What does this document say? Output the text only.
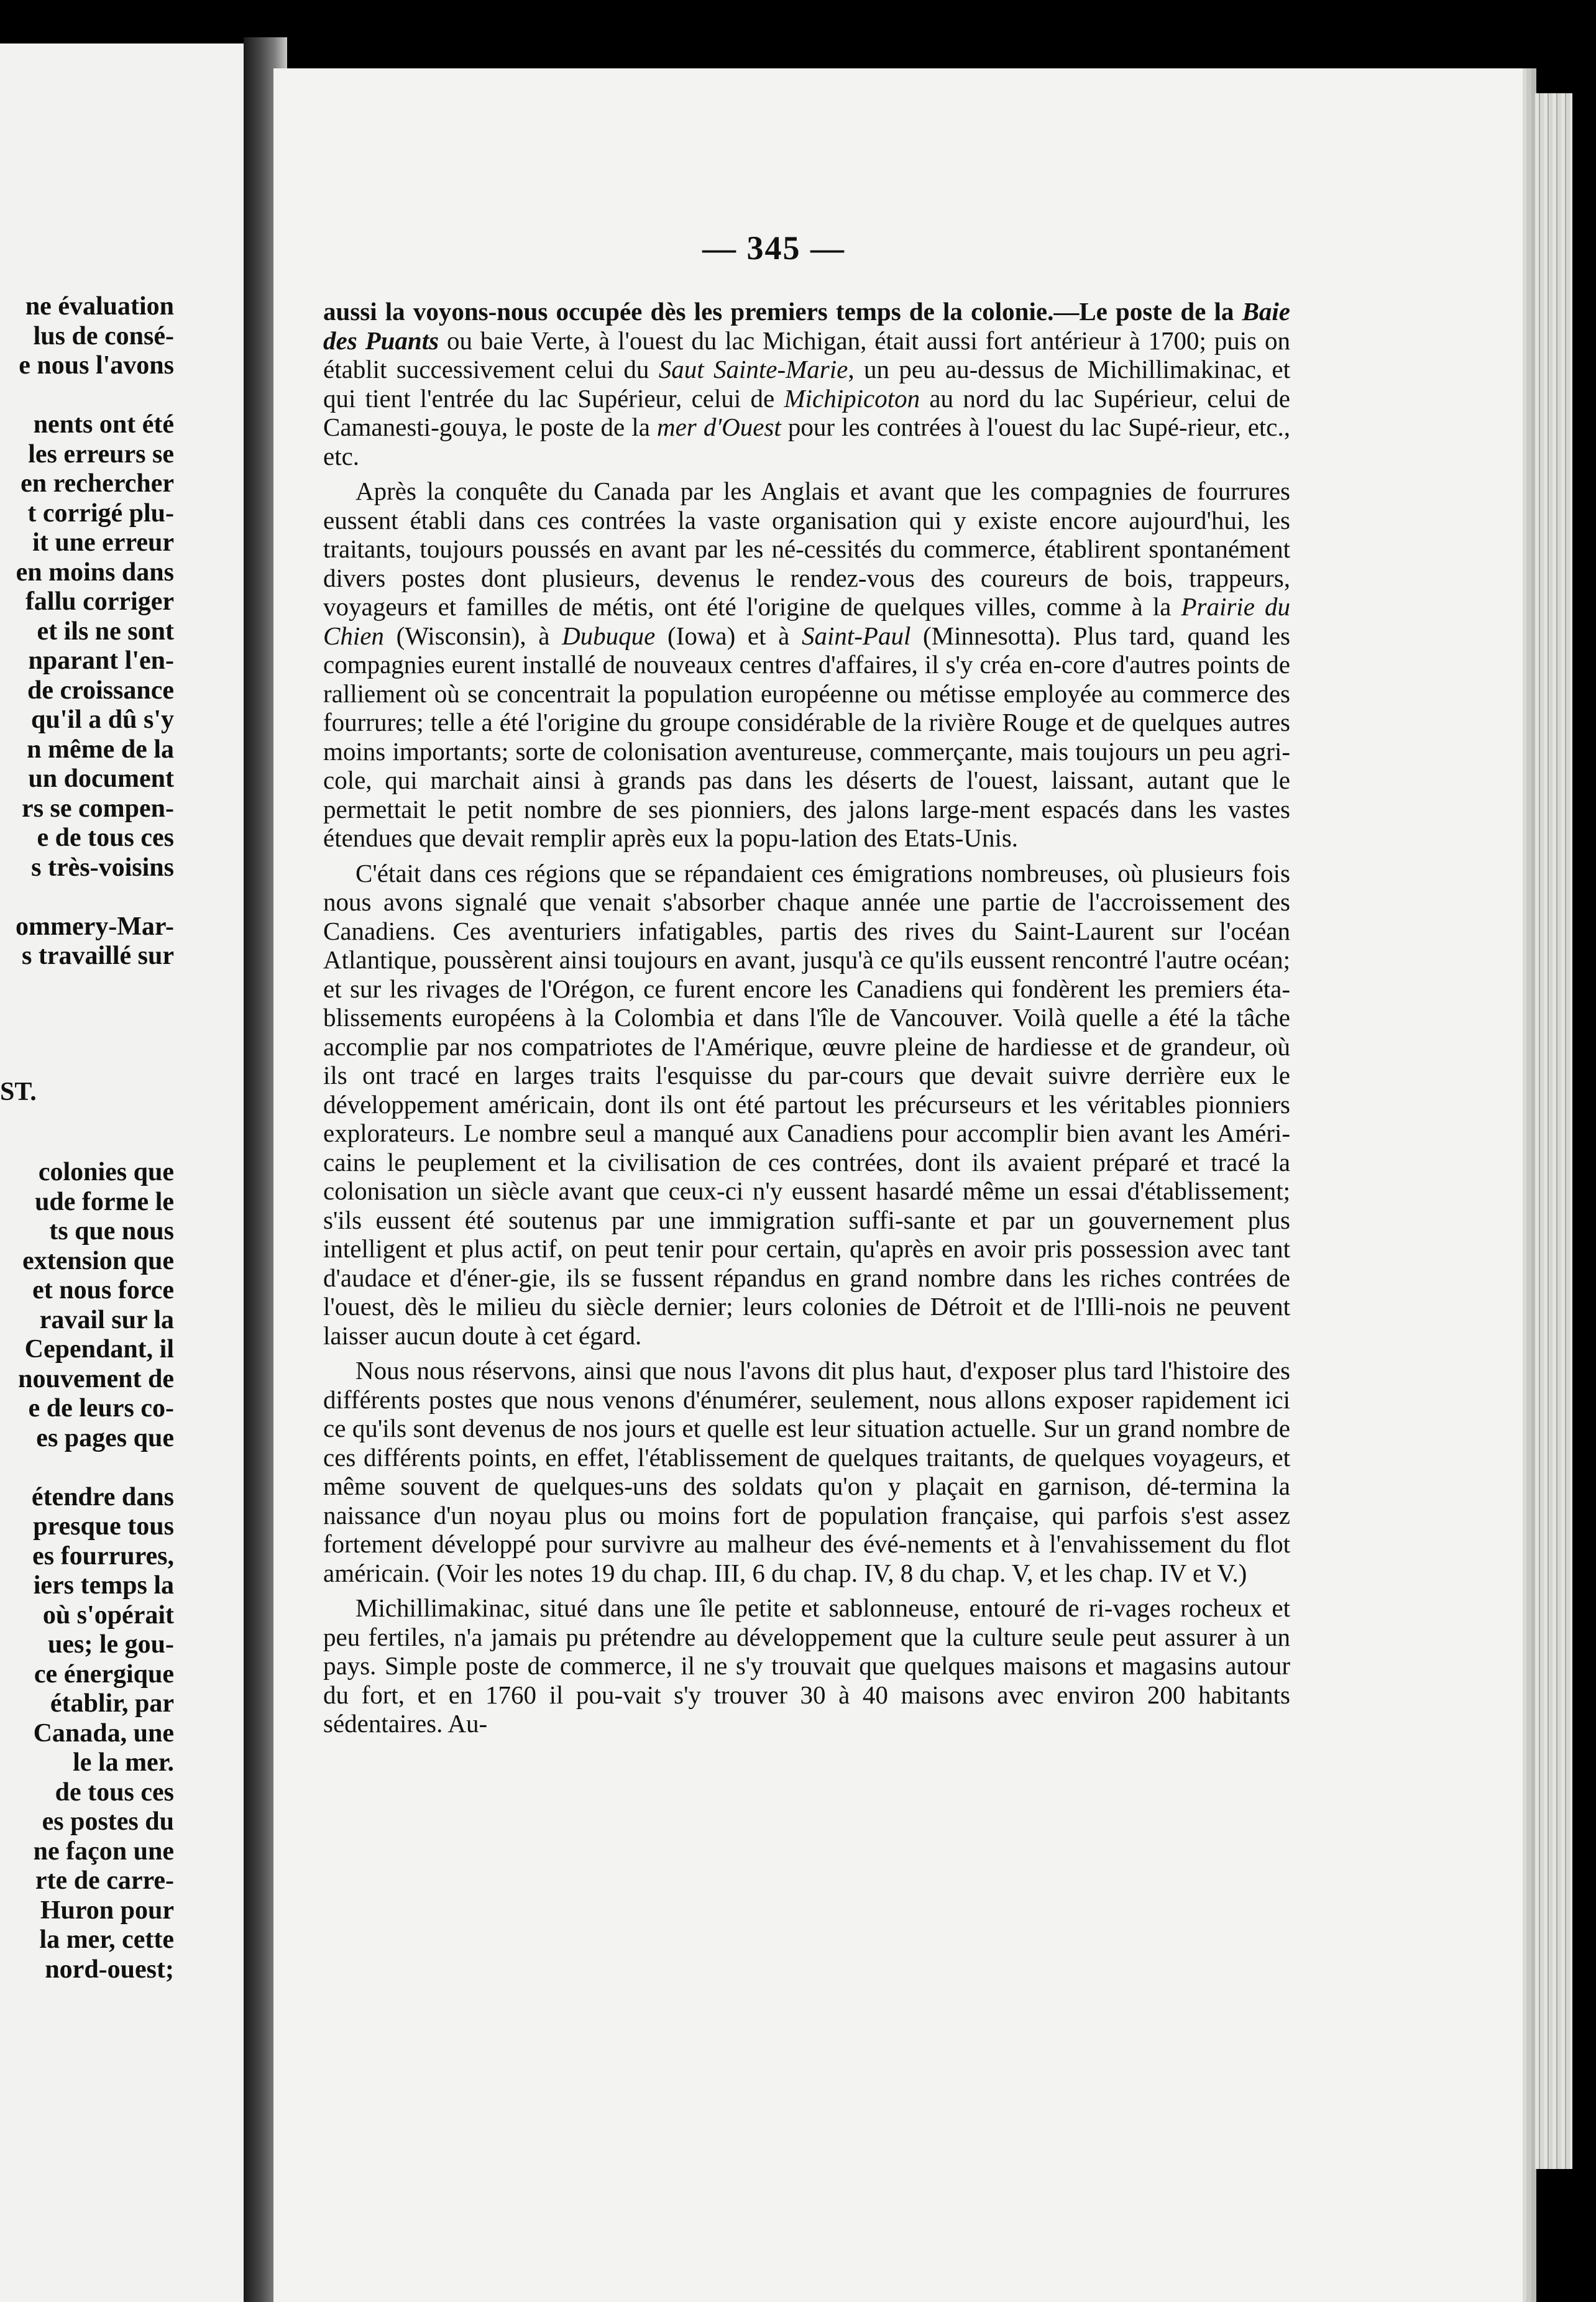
ne évaluation
lus de consé-
e nous l'avons

nents ont été
les erreurs se
en rechercher
t corrigé plu-
it une erreur
en moins dans
fallu corriger
et ils ne sont
nparant l'en-
de croissance
qu'il a dû s'y
n même de la
un document
rs se compen-
e de tous ces
s très-voisins

ommery-Mar-
s travaillé sur
ST.
colonies que
ude forme le
ts que nous
extension que
et nous force
ravail sur la
Cependant, il
nouvement de
e de leurs co-
es pages que

étendre dans
presque tous
es fourrures,
iers temps la
où s'opérait
ues; le gou-
ce énergique
établir, par
Canada, une
le la mer.
de tous ces
es postes du
ne façon une
rte de carre-
Huron pour
la mer, cette
nord-ouest;
— 345 —

aussi la voyons-nous occupée dès les premiers temps de la colonie.—Le poste de la Baie des Puants ou baie Verte, à l'ouest du lac Michigan, était aussi fort antérieur à 1700; puis on établit successivement celui du Saut Sainte-Marie, un peu au-dessus de Michillimakinac, et qui tient l'entrée du lac Supérieur, celui de Michipicoton au nord du lac Supérieur, celui de Camanesti-gouya, le poste de la mer d'Ouest pour les contrées à l'ouest du lac Supé-rieur, etc., etc.

Après la conquête du Canada par les Anglais et avant que les compagnies de fourrures eussent établi dans ces contrées la vaste organisation qui y existe encore aujourd'hui, les traitants, toujours poussés en avant par les né-cessités du commerce, établirent spontanément divers postes dont plusieurs, devenus le rendez-vous des coureurs de bois, trappeurs, voyageurs et familles de métis, ont été l'origine de quelques villes, comme à la Prairie du Chien (Wisconsin), à Dubuque (Iowa) et à Saint-Paul (Minnesotta). Plus tard, quand les compagnies eurent installé de nouveaux centres d'affaires, il s'y créa en-core d'autres points de ralliement où se concentrait la population européenne ou métisse employée au commerce des fourrures; telle a été l'origine du groupe considérable de la rivière Rouge et de quelques autres moins importants; sorte de colonisation aventureuse, commerçante, mais toujours un peu agri-cole, qui marchait ainsi à grands pas dans les déserts de l'ouest, laissant, autant que le permettait le petit nombre de ses pionniers, des jalons large-ment espacés dans les vastes étendues que devait remplir après eux la popu-lation des Etats-Unis.

C'était dans ces régions que se répandaient ces émigrations nombreuses, où plusieurs fois nous avons signalé que venait s'absorber chaque année une partie de l'accroissement des Canadiens. Ces aventuriers infatigables, partis des rives du Saint-Laurent sur l'océan Atlantique, poussèrent ainsi toujours en avant, jusqu'à ce qu'ils eussent rencontré l'autre océan; et sur les rivages de l'Orégon, ce furent encore les Canadiens qui fondèrent les premiers éta-blissements européens à la Colombia et dans l'île de Vancouver. Voilà quelle a été la tâche accomplie par nos compatriotes de l'Amérique, œuvre pleine de hardiesse et de grandeur, où ils ont tracé en larges traits l'esquisse du par-cours que devait suivre derrière eux le développement américain, dont ils ont été partout les précurseurs et les véritables pionniers explorateurs. Le nombre seul a manqué aux Canadiens pour accomplir bien avant les Améri-cains le peuplement et la civilisation de ces contrées, dont ils avaient préparé et tracé la colonisation un siècle avant que ceux-ci n'y eussent hasardé même un essai d'établissement; s'ils eussent été soutenus par une immigration suffi-sante et par un gouvernement plus intelligent et plus actif, on peut tenir pour certain, qu'après en avoir pris possession avec tant d'audace et d'éner-gie, ils se fussent répandus en grand nombre dans les riches contrées de l'ouest, dès le milieu du siècle dernier; leurs colonies de Détroit et de l'Illi-nois ne peuvent laisser aucun doute à cet égard.

Nous nous réservons, ainsi que nous l'avons dit plus haut, d'exposer plus tard l'histoire des différents postes que nous venons d'énumérer, seulement, nous allons exposer rapidement ici ce qu'ils sont devenus de nos jours et quelle est leur situation actuelle. Sur un grand nombre de ces différents points, en effet, l'établissement de quelques traitants, de quelques voyageurs, et même souvent de quelques-uns des soldats qu'on y plaçait en garnison, dé-termina la naissance d'un noyau plus ou moins fort de population française, qui parfois s'est assez fortement développé pour survivre au malheur des évé-nements et à l'envahissement du flot américain. (Voir les notes 19 du chap. III, 6 du chap. IV, 8 du chap. V, et les chap. IV et V.)

Michillimakinac, situé dans une île petite et sablonneuse, entouré de ri-vages rocheux et peu fertiles, n'a jamais pu prétendre au développement que la culture seule peut assurer à un pays. Simple poste de commerce, il ne s'y trouvait que quelques maisons et magasins autour du fort, et en 1760 il pou-vait s'y trouver 30 à 40 maisons avec environ 200 habitants sédentaires. Au-
